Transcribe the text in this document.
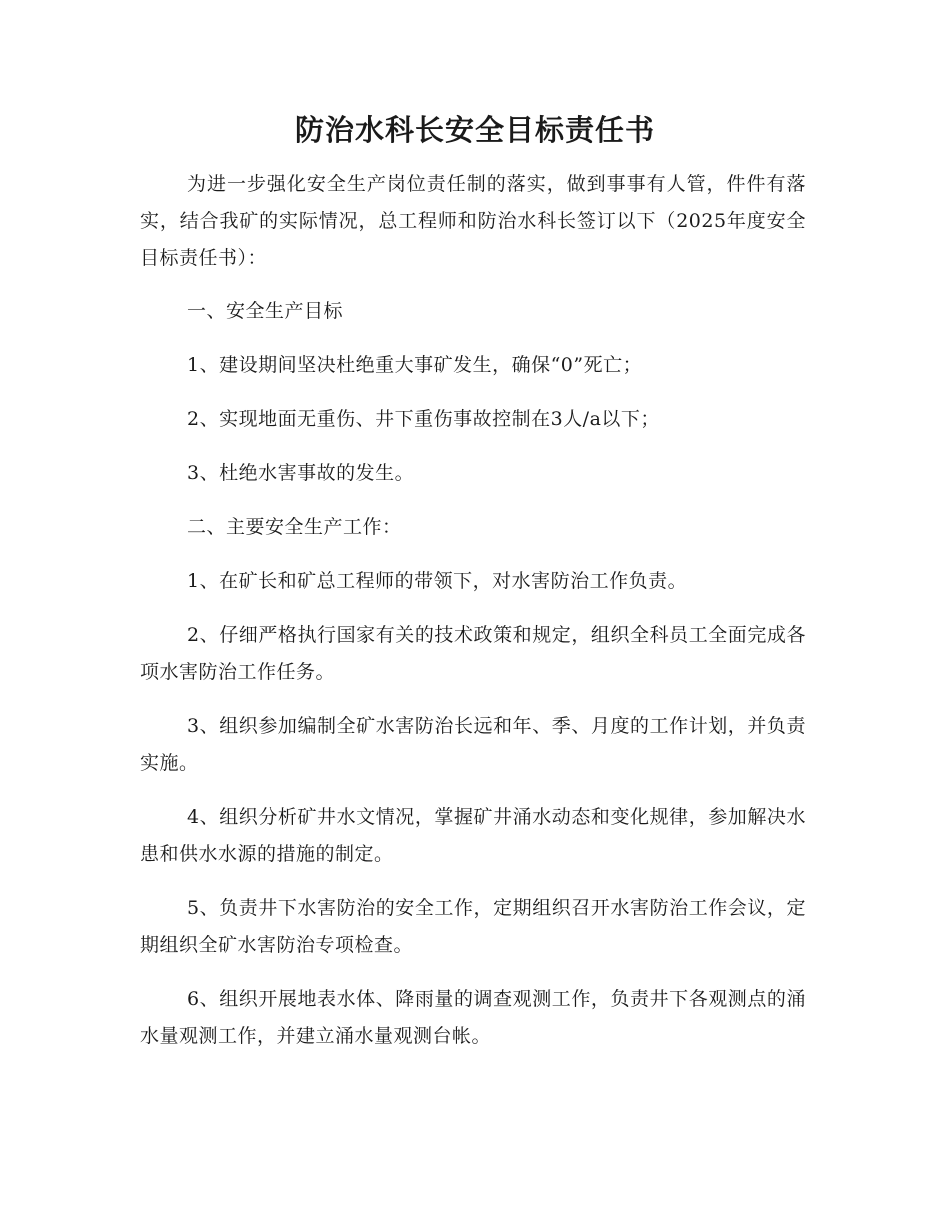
防治水科长安全目标责任书

为进一步强化安全生产岗位责任制的落实，做到事事有人管，件件有落实，结合我矿的实际情况，总工程师和防治水科长签订以下（2025年度安全目标责任书）：

一、安全生产目标

1、建设期间坚决杜绝重大事矿发生，确保“0”死亡；

2、实现地面无重伤、井下重伤事故控制在3人/a以下；

3、杜绝水害事故的发生。

二、主要安全生产工作：

1、在矿长和矿总工程师的带领下，对水害防治工作负责。

2、仔细严格执行国家有关的技术政策和规定，组织全科员工全面完成各项水害防治工作任务。

3、组织参加编制全矿水害防治长远和年、季、月度的工作计划，并负责实施。

4、组织分析矿井水文情况，掌握矿井涌水动态和变化规律，参加解决水患和供水水源的措施的制定。

5、负责井下水害防治的安全工作，定期组织召开水害防治工作会议，定期组织全矿水害防治专项检查。

6、组织开展地表水体、降雨量的调查观测工作，负责井下各观测点的涌水量观测工作，并建立涌水量观测台帐。
